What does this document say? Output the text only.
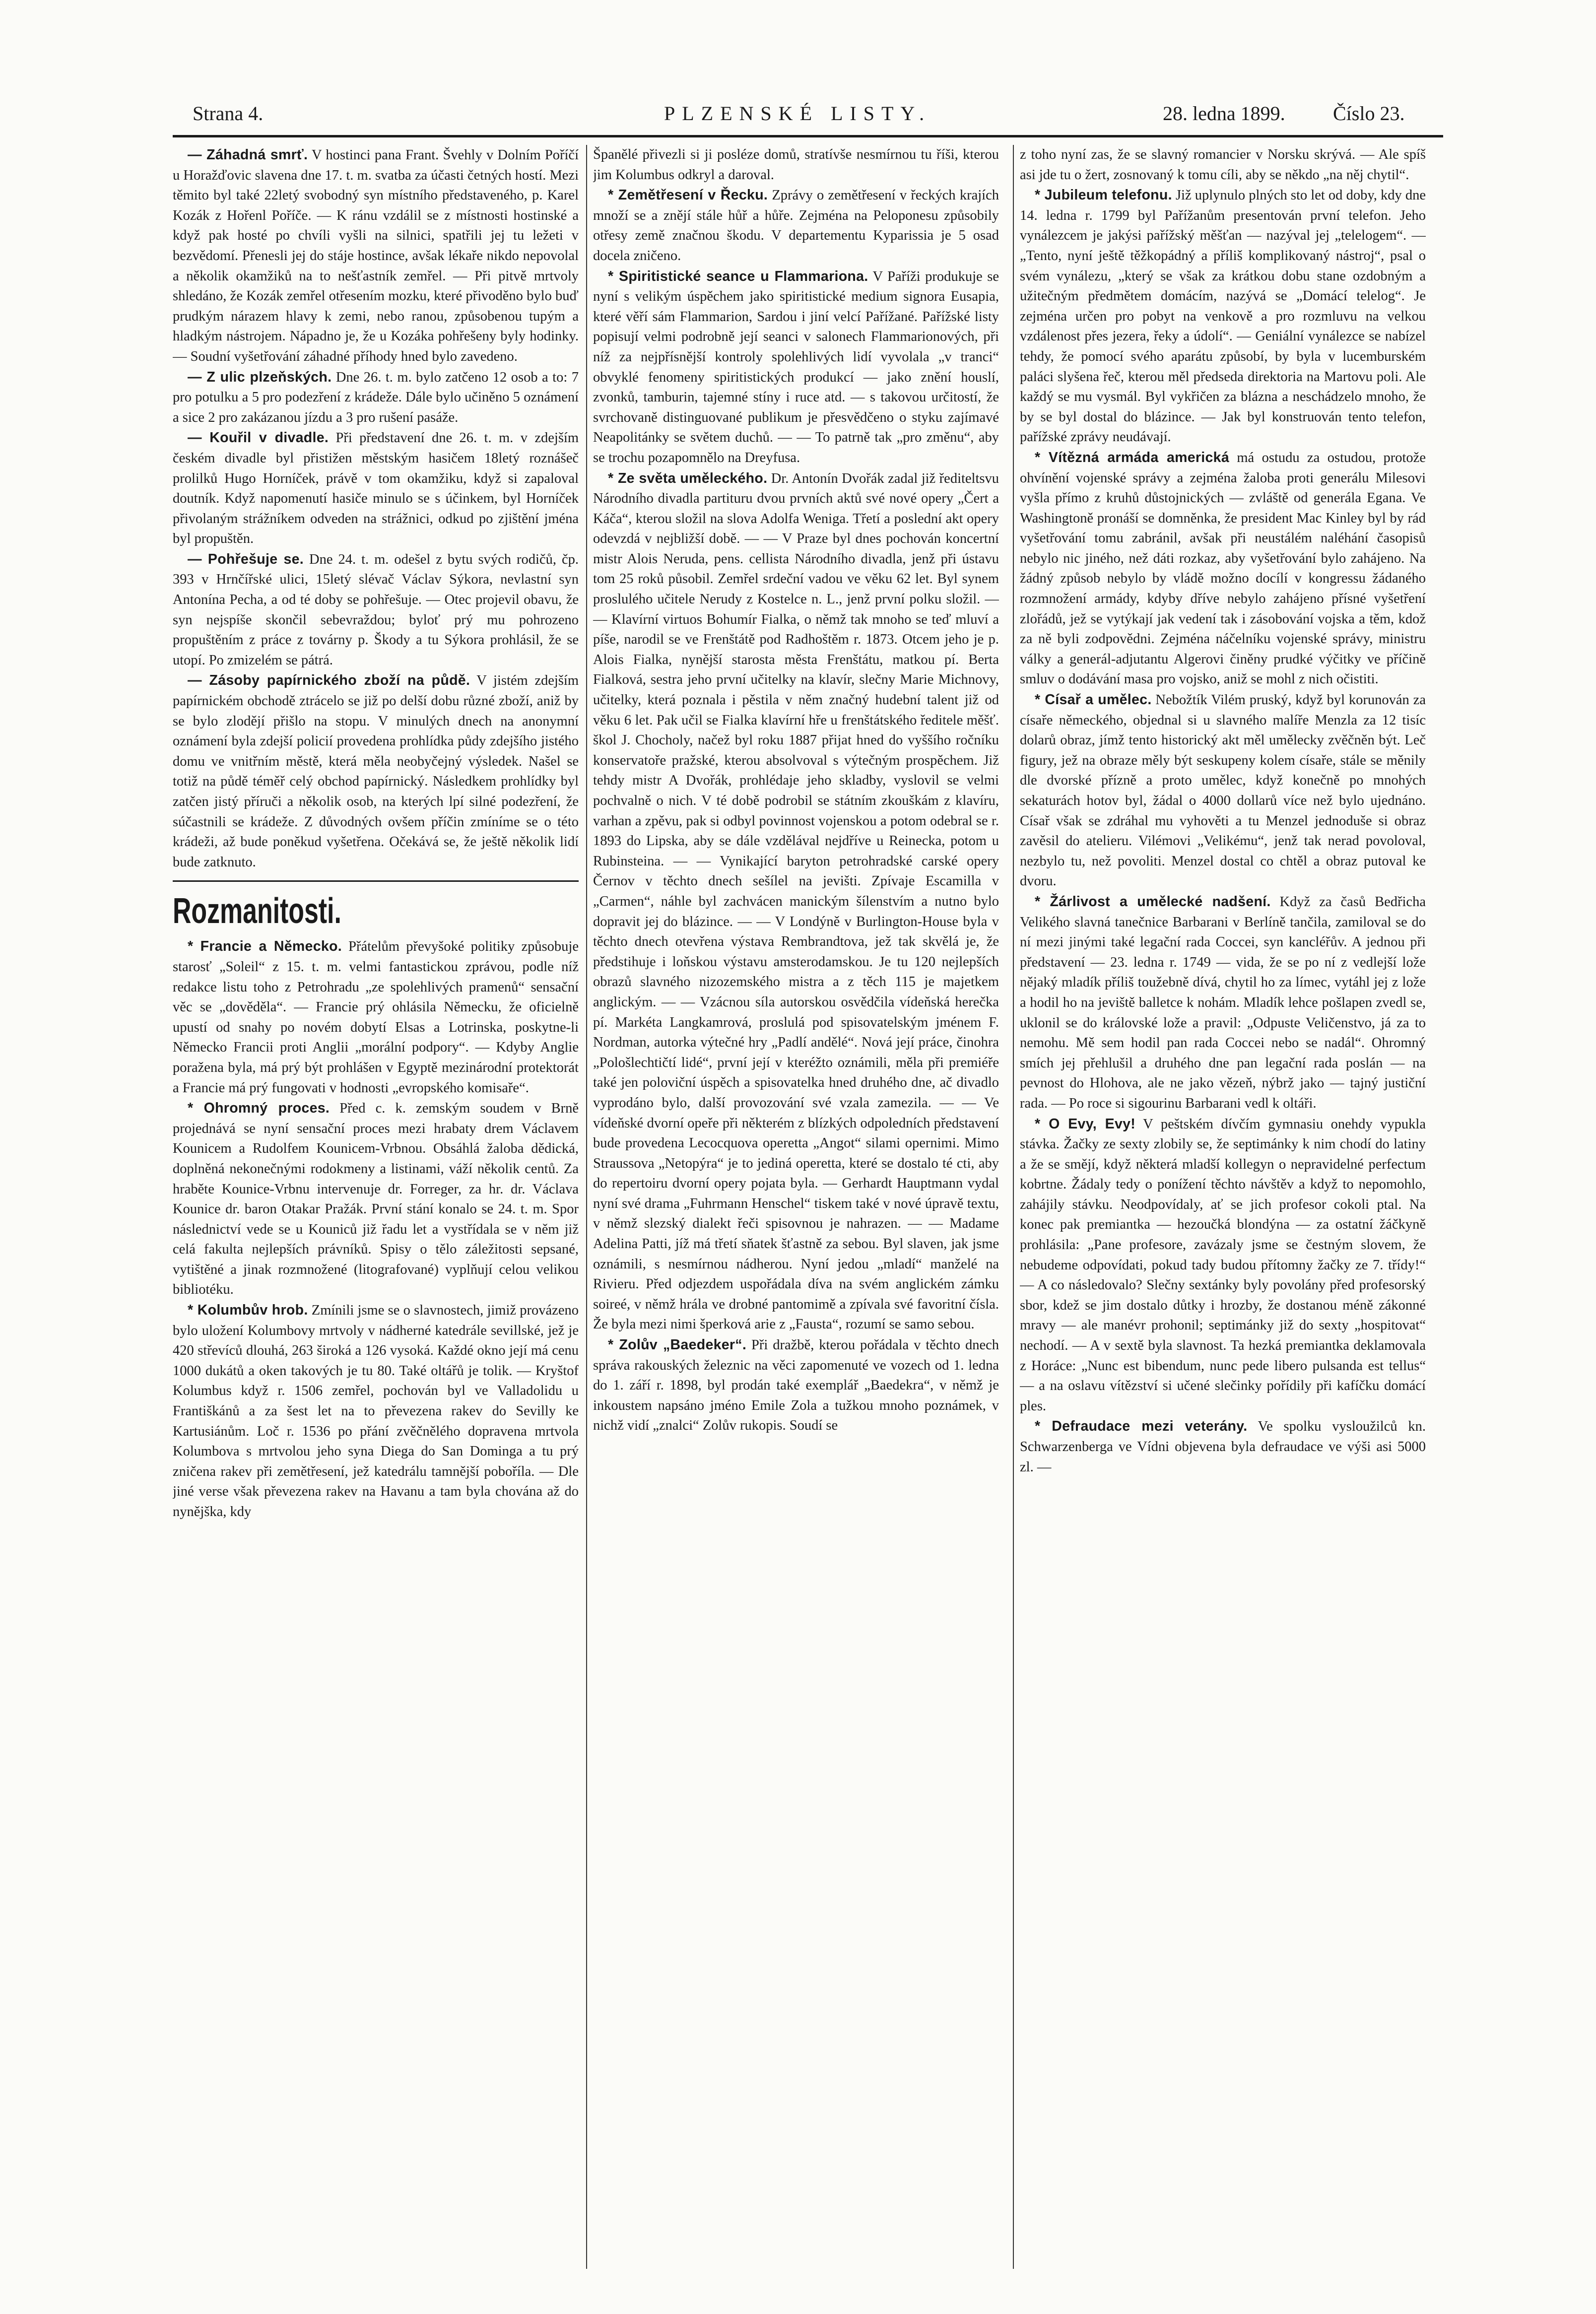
Strana 4.	PLZENSKÉ LISTY.	28. ledna 1899. Číslo 23.

— Záhadná smrť. V hostinci pana Frant. Švehly v Dolním Poříčí u Horažďovic slavena dne 17. t. m. svatba za účasti četných hostí. Mezi těmito byl také 22letý svobodný syn místního představeného, p. Karel Kozák z Hořenl Poříče. — K ránu vzdálil se z místnosti hostinské a když pak hosté po chvíli vyšli na silnici, spatřili jej tu ležeti v bezvědomí. Přenesli jej do stáje hostince, avšak lékaře nikdo nepovolal a několik okamžiků na to nešťastník zemřel. — Při pitvě mrtvoly shledáno, že Kozák zemřel otřesením mozku, které přivoděno bylo buď prudkým nárazem hlavy k zemi, nebo ranou, způsobenou tupým a hladkým nástrojem. Nápadno je, že u Kozáka pohřešeny byly hodinky. — Soudní vyšetřování záhadné příhody hned bylo zavedeno.

— Z ulic plzeňských. Dne 26. t. m. bylo zatčeno 12 osob a to: 7 pro potulku a 5 pro podezření z krádeže. Dále bylo učiněno 5 oznámení a sice 2 pro zakázanou jízdu a 3 pro rušení pasáže.

— Kouřil v divadle. Při představení dne 26. t. m. v zdejším českém divadle byl přistižen městským hasičem 18letý roznášeč prolilků Hugo Horníček, právě v tom okamžiku, když si zapaloval doutník. Když napomenutí hasiče minulo se s účinkem, byl Horníček přivolaným strážníkem odveden na strážnici, odkud po zjištění jména byl propuštěn.

— Pohřešuje se. Dne 24. t. m. odešel z bytu svých rodičů, čp. 393 v Hrnčířské ulici, 15letý slévač Václav Sýkora, nevlastní syn Antonína Pecha, a od té doby se pohřešuje. — Otec projevil obavu, že syn nejspíše skončil sebevraždou; byloť prý mu pohrozeno propuštěním z práce z továrny p. Škody a tu Sýkora prohlásil, že se utopí. Po zmizelém se pátrá.

— Zásoby papírnického zboží na půdě. V jistém zdejším papírnickém obchodě ztrácelo se již po delší dobu různé zboží, aniž by se bylo zlodějí přišlo na stopu. V minulých dnech na anonymní oznámení byla zdejší policií provedena prohlídka půdy zdejšího jistého domu ve vnitřním městě, která měla neobyčejný výsledek. Našel se totiž na půdě téměř celý obchod papírnický. Následkem prohlídky byl zatčen jistý příruči a několik osob, na kterých lpí silné podezření, že súčastnili se krádeže. Z důvodných ovšem příčin zmíníme se o této krádeži, až bude poněkud vyšetřena. Očekává se, že ještě několik lidí bude zatknuto.

Rozmanitosti.

* Francie a Německo. Přátelům převyšoké politiky způsobuje starosť „Soleil“ z 15. t. m. velmi fantastickou zprávou, podle níž redakce listu toho z Petrohradu „ze spolehlivých pramenů“ sensační věc se „dověděla“. — Francie prý ohlásila Německu, že oficielně upustí od snahy po novém dobytí Elsas a Lotrinska, poskytne-li Německo Francii proti Anglii „morální podpory“. — Kdyby Anglie poražena byla, má prý být prohlášen v Egyptě mezinárodní protektorát a Francie má prý fungovati v hodnosti „evropského komisaře“.

* Ohromný proces. Před c. k. zemským soudem v Brně projednává se nyní sensační proces mezi hrabaty drem Václavem Kounicem a Rudolfem Kounicem-Vrbnou. Obsáhlá žaloba dědická, doplněná nekonečnými rodokmeny a listinami, váží několik centů. Za hraběte Kounice-Vrbnu intervenuje dr. Forreger, za hr. dr. Václava Kounice dr. baron Otakar Pražák. První stání konalo se 24. t. m. Spor následnictví vede se u Kouniců již řadu let a vystřídala se v něm již celá fakulta nejlepších právníků. Spisy o tělo záležitosti sepsané, vytištěné a jinak rozmnožené (litografované) vyplňují celou velikou bibliotéku.

* Kolumbův hrob. Zmínili jsme se o slavnostech, jimiž provázeno bylo uložení Kolumbovy mrtvoly v nádherné katedrále sevillské, jež je 420 střevíců dlouhá, 263 široká a 126 vysoká. Každé okno její má cenu 1000 dukátů a oken takových je tu 80. Také oltářů je tolik. — Kryštof Kolumbus když r. 1506 zemřel, pochován byl ve Valladolidu u Františkánů a za šest let na to převezena rakev do Sevilly ke Kartusiánům. Loč r. 1536 po přání zvěčnělého dopravena mrtvola Kolumbova s mrtvolou jeho syna Diega do San Dominga a tu prý zničena rakev při zemětřesení, jež katedrálu tamnější poboříla. — Dle jiné verse však převezena rakev na Havanu a tam byla chována až do nynějška, kdy

Španělé přivezli si ji posléze domů, stratívše nesmírnou tu říši, kterou jim Kolumbus odkryl a daroval.

* Zemětřesení v Řecku. Zprávy o zemětřesení v řeckých krajích množí se a znějí stále hůř a hůře. Zejména na Peloponesu způsobily otřesy země značnou škodu. V departementu Kyparissia je 5 osad docela zničeno.

* Spiritistické seance u Flammariona. V Paříži produkuje se nyní s velikým úspěchem jako spiritistické medium signora Eusapia, které věří sám Flammarion, Sardou i jiní velcí Pařížané. Pařížské listy popisují velmi podrobně její seanci v salonech Flammarionových, při níž za nejpřísnější kontroly spolehlivých lidí vyvolala „v tranci“ obvyklé fenomeny spiritistických produkcí — jako znění houslí, zvonků, tamburin, tajemné stíny i ruce atd. — s takovou určitostí, že svrchovaně distinguované publikum je přesvědčeno o styku zajímavé Neapolitánky se světem duchů. — — To patrně tak „pro změnu“, aby se trochu pozapomnělo na Dreyfusa.

* Ze světa uměleckého. Dr. Antonín Dvořák zadal již řediteltsvu Národního divadla partituru dvou prvních aktů své nové opery „Čert a Káča“, kterou složil na slova Adolfa Weniga. Třetí a poslední akt opery odevzdá v nejbližší době. — — V Praze byl dnes pochován koncertní mistr Alois Neruda, pens. cellista Národního divadla, jenž při ústavu tom 25 roků působil. Zemřel srdeční vadou ve věku 62 let. Byl synem proslulého učitele Nerudy z Kostelce n. L., jenž první polku složil. — — Klavírní virtuos Bohumír Fialka, o němž tak mnoho se teď mluví a píše, narodil se ve Frenštátě pod Radhoštěm r. 1873. Otcem jeho je p. Alois Fialka, nynější starosta města Frenštátu, matkou pí. Berta Fialková, sestra jeho první učitelky na klavír, slečny Marie Michnovy, učitelky, která poznala i pěstila v něm značný hudební talent již od věku 6 let. Pak učil se Fialka klavírní hře u frenštátského ředitele měšť. škol J. Chocholy, načež byl roku 1887 přijat hned do vyššího ročníku konservatoře pražské, kterou absolvoval s výtečným prospěchem. Již tehdy mistr A Dvořák, prohlédaje jeho skladby, vyslovil se velmi pochvalně o nich. V té době podrobil se státním zkouškám z klavíru, varhan a zpěvu, pak si odbyl povinnost vojenskou a potom odebral se r. 1893 do Lipska, aby se dále vzdělával nejdříve u Reineckа, potom u Rubinsteina. — — Vynikající baryton petrohradské carské opery Černov v těchto dnech sešílel na jevišti. Zpívaje Escamilla v „Carmen“, náhle byl zachvácen manickým šílenstvím a nutno bylo dopravit jej do blázince. — — V Londýně v Burlington-House byla v těchto dnech otevřena výstava Rembrandtova, jež tak skvělá je, že předstihuje i loňskou výstavu amsterodamskou. Je tu 120 nejlepších obrazů slavného nizozemského mistra a z těch 115 je majetkem anglickým. — — Vzácnou síla autorskou osvědčila vídeňská herečka pí. Markéta Langkamrová, proslulá pod spisovatelským jménem F. Nordman, autorka výtečné hry „Padlí andělé“. Nová její práce, činohra „Pološlechtičtí lidé“, první její v kteréžto oznámili, měla při premiéře také jen poloviční úspěch a spisovatelka hned druhého dne, ač divadlo vyprodáno bylo, další provozování své vzala zamezila. — — Ve vídeňské dvorní opeře při některém z blízkých odpoledních představení bude provedena Lecocquova operetta „Angot“ silami opernimi. Mimo Straussova „Netopýra“ je to jediná operetta, které se dostalo té cti, aby do repertoiru dvorní opery pojata byla. — Gerhardt Hauptmann vydal nyní své drama „Fuhrmann Henschel“ tiskem také v nové úpravě textu, v němž slezský dialekt řeči spisovnou je nahrazen. — — Madame Adelina Patti, jíž má třetí sňatek šťastně za sebou. Byl slaven, jak jsme oznámili, s nesmírnou nádherou. Nyní jedou „mladí“ manželé na Rivieru. Před odjezdem uspořádala díva na svém anglickém zámku soireé, v němž hrála ve drobné pantomimě a zpívala své favoritní čísla. Že byla mezi nimi šperková arie z „Fausta“, rozumí se samo sebou.

* Zolův „Baedeker“. Při dražbě, kterou pořádala v těchto dnech správa rakouských železnic na věci zapomenuté ve vozech od 1. ledna do 1. září r. 1898, byl prodán také exemplář „Baedekra“, v němž je inkoustem napsáno jméno Emile Zola a tužkou mnoho poznámek, v nichž vidí „znalci“ Zolův rukopis. Soudí se

z toho nyní zas, že se slavný romancier v Norsku skrývá. — Ale spíš asi jde tu o žert, zosnovaný k tomu cíli, aby se někdo „na něj chytil“.

* Jubileum telefonu. Již uplynulo plných sto let od doby, kdy dne 14. ledna r. 1799 byl Pařížanům presentován první telefon. Jeho vynálezcem je jakýsi pařížský měšťan — nazýval jej „telelogem“. — „Tento, nyní ještě těžkopádný a příliš komplikovaný nástroj“, psal o svém vynálezu, „který se však za krátkou dobu stane ozdobným a užitečným předmětem domácím, nazývá se „Domácí telelog“. Je zejména určen pro pobyt na venkově a pro rozmluvu na velkou vzdálenost přes jezera, řeky a údolí“. — Geniální vynálezce se nabízel tehdy, že pomocí svého aparátu způsobí, by byla v lucemburském paláci slyšena řeč, kterou měl předseda direktoria na Martovu poli. Ale každý se mu vysmál. Byl vykřičen za blázna a neschádzelo mnoho, že by se byl dostal do blázince. — Jak byl konstruován tento telefon, pařížské zprávy neudávají.

* Vítězná armáda americká má ostudu za ostudou, protože ohvínění vojenské správy a zejména žaloba proti generálu Milesovi vyšla přímo z kruhů důstojnických — zvláště od generála Egana. Ve Washingtoně pronáší se domněnka, že president Mac Kinley byl by rád vyšetřování tomu zabránil, avšak při neustálém naléhání časopisů nebylo nic jiného, než dáti rozkaz, aby vyšetřování bylo zahájeno. Na žádný způsob nebylo by vládě možno docílí v kongressu žádaného rozmnožení armády, kdyby dříve nebylo zahájeno přísné vyšetření zlořádů, jež se vytýkají jak vedení tak i zásobování vojska a těm, kdož za ně byli zodpovědni. Zejména náčelníku vojenské správy, ministru války a generál-adjutantu Algerovi činěny prudké výčitky ve příčině smluv o dodávání masa pro vojsko, aniž se mohl z nich očistiti.

* Císař a umělec. Nebožtík Vilém pruský, když byl korunován za císaře německého, objednal si u slavného malíře Menzla za 12 tisíc dolarů obraz, jímž tento historický akt měl umělecky zvěčněn být. Leč figury, jež na obraze měly být seskupeny kolem císaře, stále se měnily dle dvorské přízně a proto umělec, když konečně po mnohých sekaturách hotov byl, žádal o 4000 dollarů více než bylo ujednáno. Císař však se zdráhal mu vyhověti a tu Menzel jednoduše si obraz zavěsil do atelieru. Vilémovi „Velikému“, jenž tak nerad povoloval, nezbylo tu, než povoliti. Menzel dostal co chtěl a obraz putoval ke dvoru.

* Žárlivost a umělecké nadšení. Když za časů Bedřicha Velikého slavná tanečnice Barbarani v Berlíně tančila, zamiloval se do ní mezi jinými také legační rada Coccei, syn kancléřův. A jednou při představení — 23. ledna r. 1749 — vida, že se po ní z vedlejší lože nějaký mladík příliš toužebně dívá, chytil ho za límec, vytáhl jej z lože a hodil ho na jeviště balletce k nohám. Mladík lehce pošlapen zvedl se, uklonil se do královské lože a pravil: „Odpuste Veličenstvo, já za to nemohu. Mě sem hodil pan rada Coccei nebo se nadál“. Ohromný smích jej přehlušil a druhého dne pan legační rada poslán — na pevnost do Hlohova, ale ne jako vězeň, nýbrž jako — tajný justiční rada. — Po roce si sigourinu Barbarani vedl k oltáři.

* O Evy, Evy! V peštském dívčím gymnasiu onehdy vypukla stávka. Žačky ze sexty zlobily se, že septimánky k nim chodí do latiny a že se smějí, když některá mladší kollegyn o nepravidelné perfectum kobrtne. Žádaly tedy o ponížení těchto návštěv a když to nepomohlo, zahájily stávku. Neodpovídaly, ať se jich profesor cokoli ptal. Na konec pak premiantka — hezoučká blondýna — za ostatní žáčkyně prohlásila: „Pane profesore, zavázaly jsme se čestným slovem, že nebudeme odpovídati, pokud tady budou přítomny žačky ze 7. třídy!“ — A co následovalo? Slečny sextánky byly povolány před profesorský sbor, kdež se jim dostalo důtky i hrozby, že dostanou méně zákonné mravy — ale manévr prohonil; septimánky již do sexty „hospitovat“ nechodí. — A v sextě byla slavnost. Ta hezká premiantka deklamovala z Horáce: „Nunc est bibendum, nunc pede libero pulsanda est tellus“ — a na oslavu vítězství si učené slečinky pořídily při kafíčku domácí ples.

* Defraudace mezi veterány. Ve spolku vysloužilců kn. Schwarzenberga ve Vídni objevena byla defraudace ve výši asi 5000 zl. —
